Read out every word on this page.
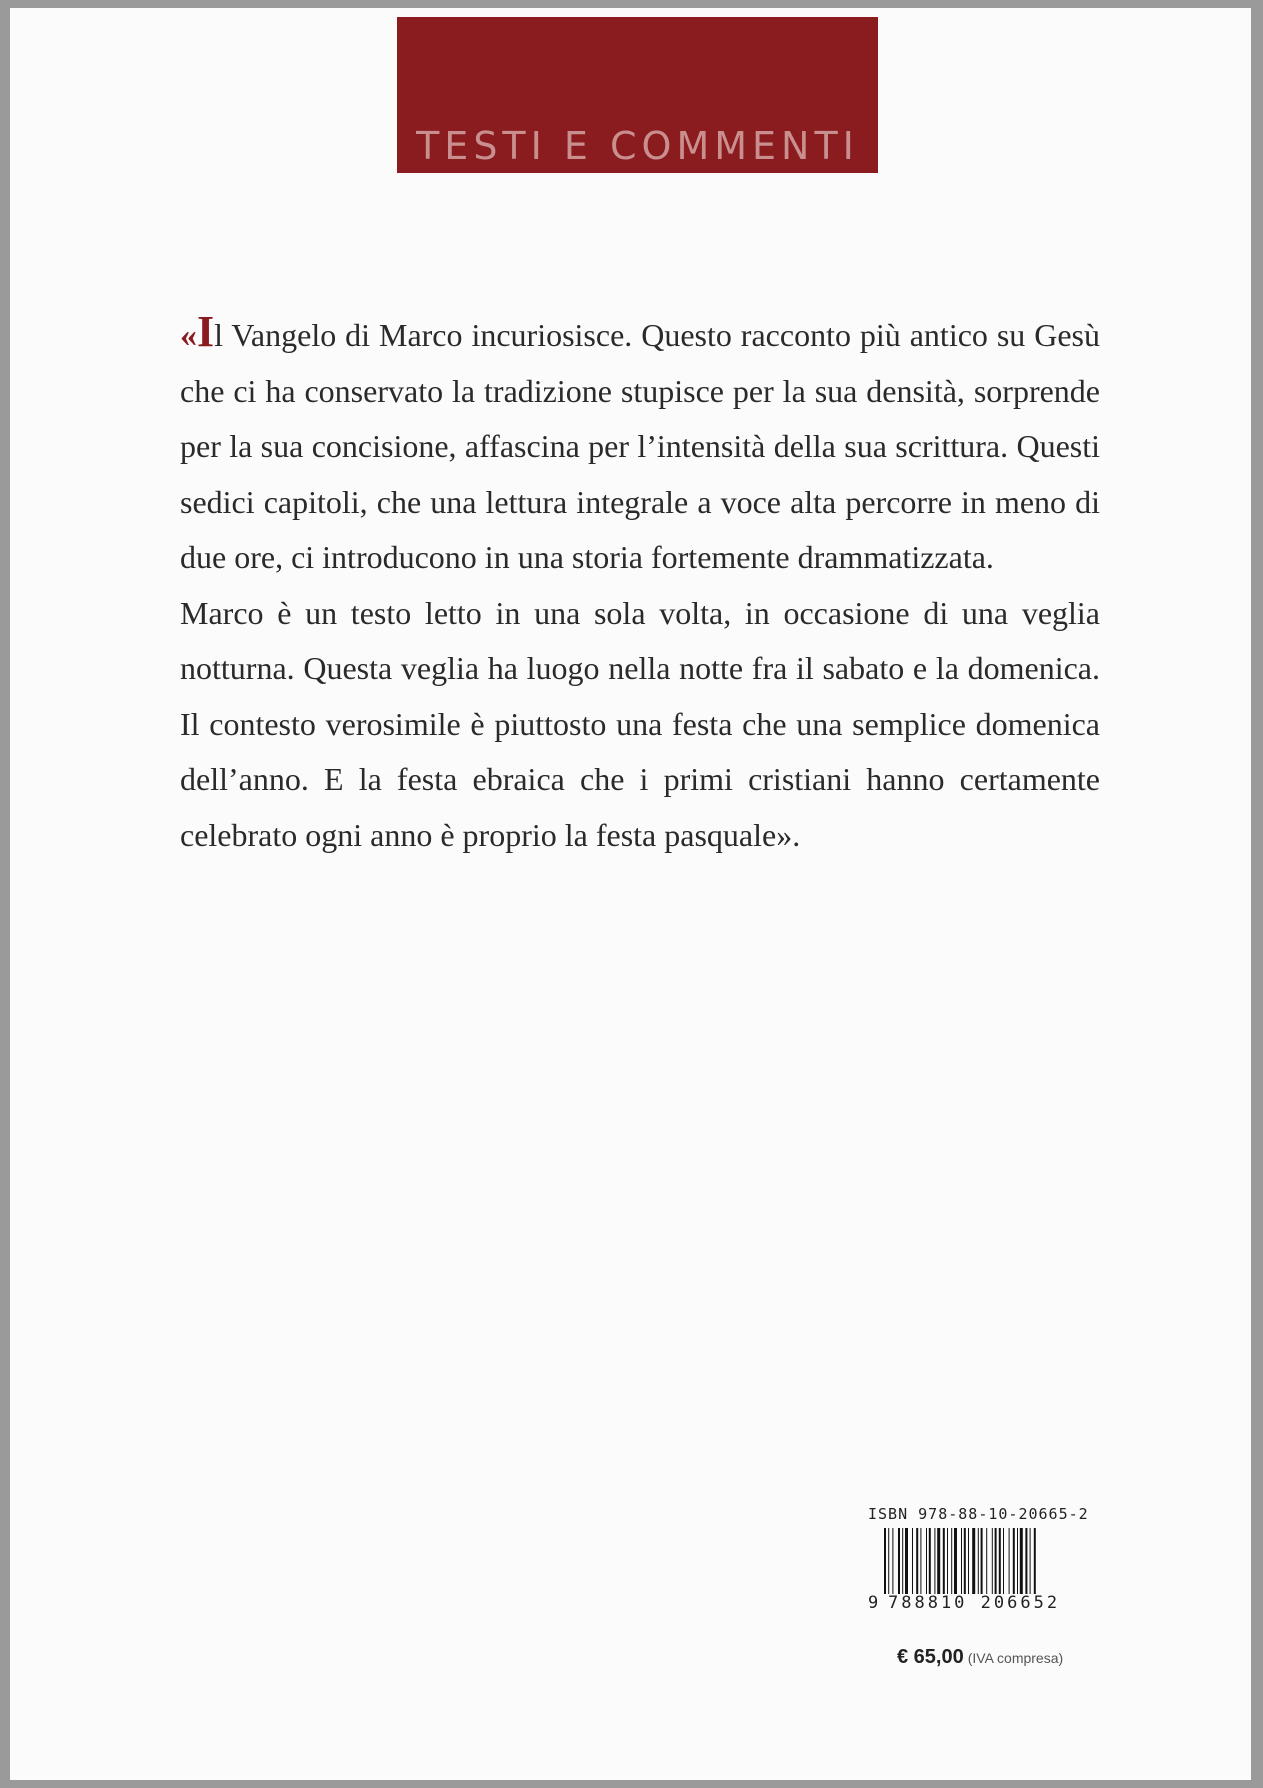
TESTI E COMMENTI

«Il Vangelo di Marco incuriosisce. Questo racconto più antico su Gesù che ci ha conservato la tradizione stupisce per la sua densità, sorprende per la sua concisione, affascina per l’intensità della sua scrittura. Questi sedici capitoli, che una lettura integrale a voce alta percorre in meno di due ore, ci introducono in una storia fortemente drammatizzata.

Marco è un testo letto in una sola volta, in occasione di una veglia notturna. Questa veglia ha luogo nella notte fra il sabato e la domenica. Il contesto verosimile è piuttosto una festa che una semplice domenica dell’anno. E la festa ebraica che i primi cristiani hanno certamente celebrato ogni anno è proprio la festa pasquale».

ISBN 978-88-10-20665-2
9 788810 206652
€ 65,00 (IVA compresa)
